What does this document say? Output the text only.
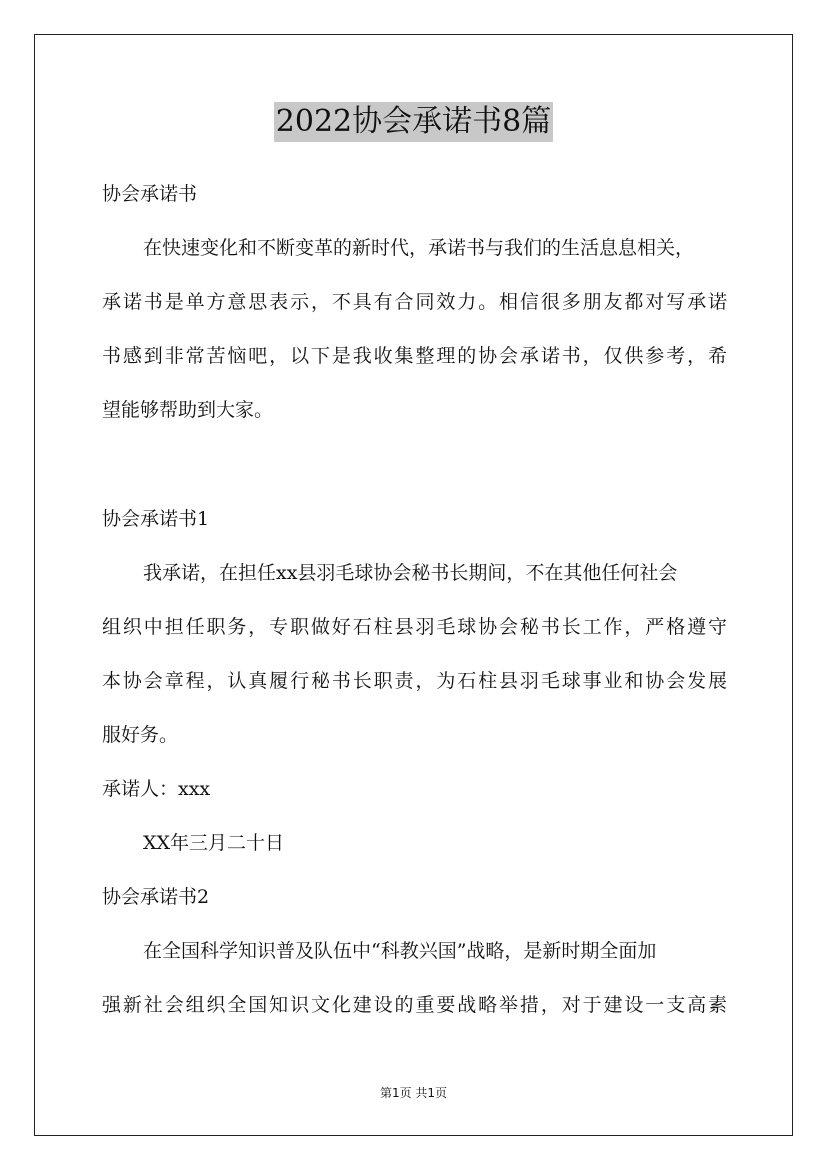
2022协会承诺书8篇
协会承诺书
在快速变化和不断变革的新时代，承诺书与我们的生活息息相关，
承诺书是单方意思表示，不具有合同效力。相信很多朋友都对写承诺
书感到非常苦恼吧，以下是我收集整理的协会承诺书，仅供参考，希
望能够帮助到大家。
协会承诺书1
我承诺，在担任xx县羽毛球协会秘书长期间，不在其他任何社会
组织中担任职务，专职做好石柱县羽毛球协会秘书长工作，严格遵守
本协会章程，认真履行秘书长职责，为石柱县羽毛球事业和协会发展
服好务。
承诺人：xxx
XX年三月二十日
协会承诺书2
在全国科学知识普及队伍中“科教兴国”战略，是新时期全面加
强新社会组织全国知识文化建设的重要战略举措，对于建设一支高素
第1页 共1页
